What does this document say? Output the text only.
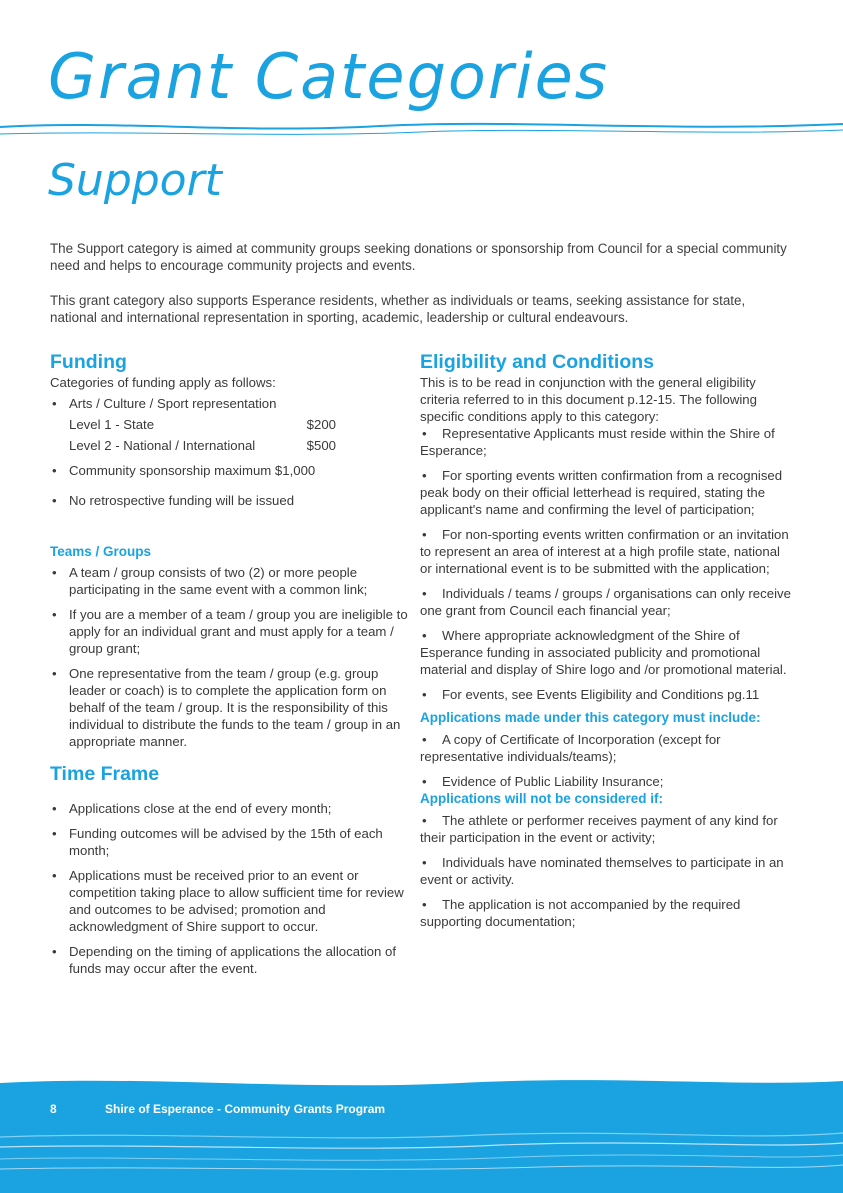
Grant Categories
Support

The Support category is aimed at community groups seeking donations or sponsorship from Council for a special community need and helps to encourage community projects and events.

This grant category also supports Esperance residents, whether as individuals or teams, seeking assistance for state, national and international representation in sporting, academic, leadership or cultural endeavours.

Funding

Categories of funding apply as follows:

• Arts / Culture / Sport representation
Level 1 - State	$200
Level 2 - National / International	$500
• Community sponsorship maximum $1,000
• No retrospective funding will be issued
Teams / Groups
• A team / group consists of two (2) or more people participating in the same event with a common link;
• If you are a member of a team / group you are ineligible to apply for an individual grant and must apply for a team / group grant;
• One representative from the team / group (e.g. group leader or coach) is to complete the application form on behalf of the team / group. It is the responsibility of this individual to distribute the funds to the team / group in an appropriate manner.
Time Frame
• Applications close at the end of every month;
• Funding outcomes will be advised by the 15th of each month;
• Applications must be received prior to an event or competition taking place to allow sufficient time for review and outcomes to be advised; promotion and acknowledgment of Shire support to occur.
• Depending on the timing of applications the allocation of funds may occur after the event.
Eligibility and Conditions

This is to be read in conjunction with the general eligibility criteria referred to in this document p.12-15. The following specific conditions apply to this category:

• Representative Applicants must reside within the Shire of Esperance;
• For sporting events written confirmation from a recognised peak body on their official letterhead is required, stating the applicant's name and confirming the level of participation;
• For non-sporting events written confirmation or an invitation to represent an area of interest at a high profile state, national or international event is to be submitted with the application;
• Individuals / teams / groups / organisations can only receive one grant from Council each financial year;
• Where appropriate acknowledgment of the Shire of Esperance funding in associated publicity and promotional material and display of Shire logo and /or promotional material.
• For events, see Events Eligibility and Conditions pg.11
Applications made under this category must include:
• A copy of Certificate of Incorporation (except for representative individuals/teams);
• Evidence of Public Liability Insurance;
Applications will not be considered if:
• The athlete or performer receives payment of any kind for their participation in the event or activity;
• Individuals have nominated themselves to participate in an event or activity.
• The application is not accompanied by the required supporting documentation;
8	Shire of Esperance - Community Grants Program
